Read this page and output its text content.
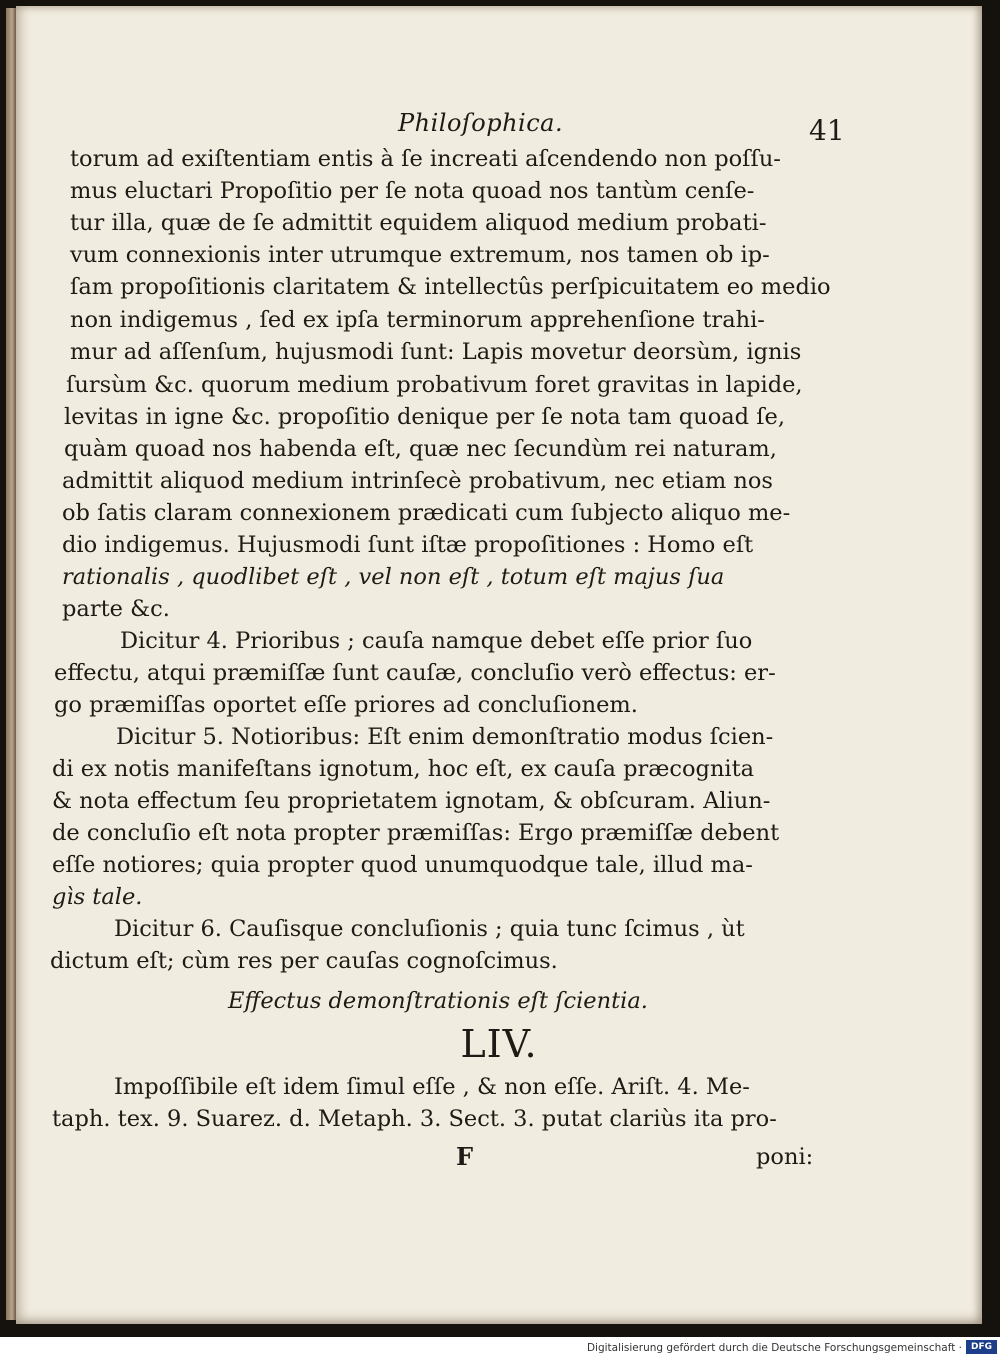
Philoſophica.	41
torum ad exiſtentiam entis à ſe increati aſcendendo non poſſu-
mus eluctari Propoſitio per ſe nota quoad nos tantùm cenſe-
tur illa, quæ de ſe admittit equidem aliquod medium probati-
vum connexionis inter utrumque extremum, nos tamen ob ip-
ſam propoſitionis claritatem & intellectûs perſpicuitatem eo medio
non indigemus , ſed ex ipſa terminorum apprehenſione trahi-
mur ad aſſenſum, hujusmodi ſunt: Lapis movetur deorsùm, ignis
ſursùm &c. quorum medium probativum foret gravitas in lapide,
levitas in igne &c. propoſitio denique per ſe nota tam quoad ſe,
quàm quoad nos habenda eſt, quæ nec ſecundùm rei naturam,
admittit aliquod medium intrinſecè probativum, nec etiam nos
ob ſatis claram connexionem prædicati cum ſubjecto aliquo me-
dio indigemus. Hujusmodi ſunt iſtæ propoſitiones : Homo eſt
rationalis , quodlibet eſt , vel non eſt , totum eſt majus ſua
parte &c.
Dicitur 4. Prioribus ; cauſa namque debet eſſe prior ſuo
effectu, atqui præmiſſæ ſunt cauſæ, concluſio verò effectus: er-
go præmiſſas oportet eſſe priores ad concluſionem.
Dicitur 5. Notioribus: Eſt enim demonſtratio modus ſcien-
di ex notis manifeſtans ignotum, hoc eſt, ex cauſa præcognita
& nota effectum ſeu proprietatem ignotam, & obſcuram. Aliun-
de concluſio eſt nota propter præmiſſas: Ergo præmiſſæ debent
eſſe notiores; quia propter quod unumquodque tale, illud ma-
gìs tale.
Dicitur 6. Cauſisque concluſionis ; quia tunc ſcimus , ùt
dictum eſt; cùm res per cauſas cognoſcimus.
Effectus demonſtrationis eſt ſcientia.
LIV.
Impoſſibile eſt idem ſimul eſſe , & non eſſe. Ariſt. 4. Me-
taph. tex. 9. Suarez. d. Metaph. 3. Sect. 3. putat clariùs ita pro-
F	poni:
Digitalisierung gefördert durch die Deutsche Forschungsgemeinschaft · DFG
